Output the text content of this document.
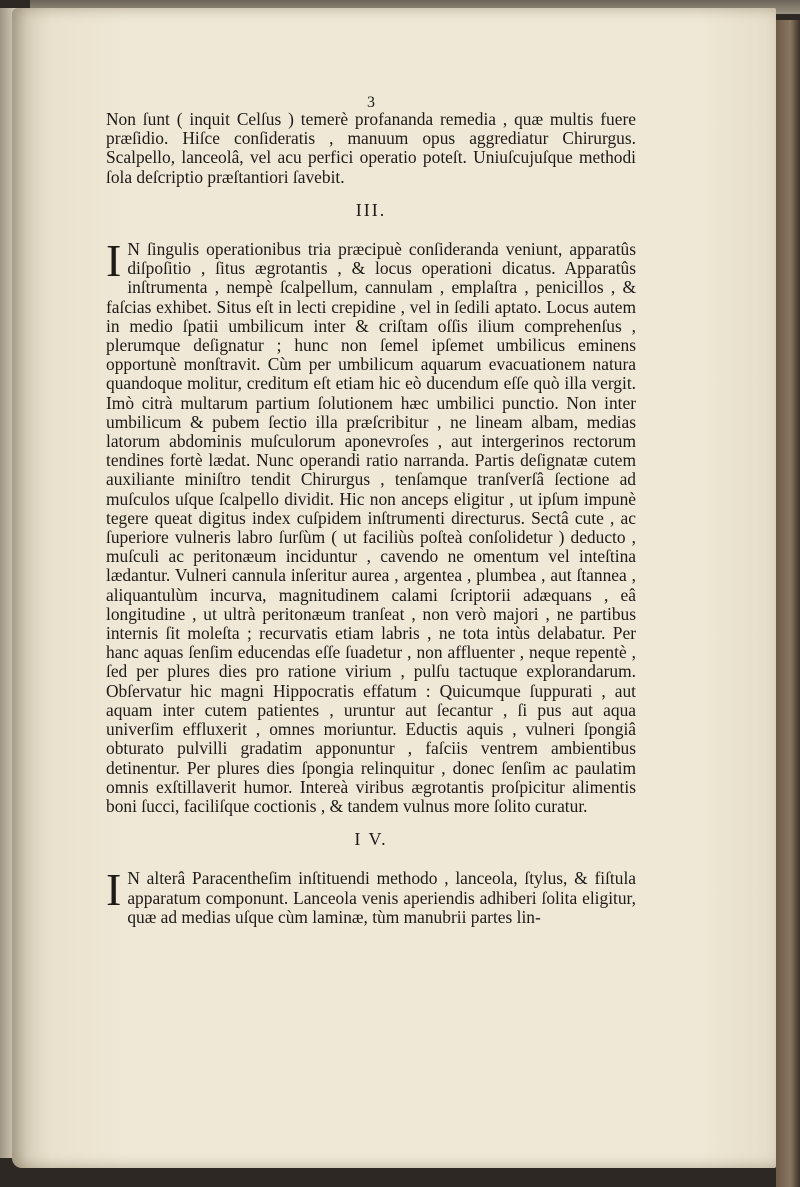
3

Non ſunt ( inquit Celſus ) temerè profananda remedia , quæ multis fuere præſidio. Hiſce conſideratis , manuum opus aggrediatur Chirurgus. Scalpello, lanceolâ, vel acu perfici operatio poteſt. Uniuſcujuſque methodi ſola deſcriptio præſtantiori ſavebit.

III.

I N ſingulis operationibus tria præcipuè conſideranda veniunt, apparatûs diſpoſitio , ſitus ægrotantis , & locus operationi dicatus. Apparatûs inſtrumenta , nempè ſcalpellum, cannulam , emplaſtra , penicillos , & faſcias exhibet. Situs eſt in lecti crepidine , vel in ſedili aptato. Locus autem in medio ſpatii umbilicum inter & criſtam oſſis ilium comprehenſus , plerumque deſignatur ; hunc non ſemel ipſemet umbilicus eminens opportunè monſtravit. Cùm per umbilicum aquarum evacuationem natura quandoque molitur, creditum eſt etiam hic eò ducendum eſſe quò illa vergit. Imò citrà multarum partium ſolutionem hæc umbilici punctio. Non inter umbilicum & pubem ſectio illa præſcribitur , ne lineam albam, medias latorum abdominis muſculorum aponevroſes , aut intergerinos rectorum tendines fortè lædat. Nunc operandi ratio narranda. Partis deſignatæ cutem auxiliante miniſtro tendit Chirurgus , tenſamque tranſverſâ ſectione ad muſculos uſque ſcalpello dividit. Hic non anceps eligitur , ut ipſum impunè tegere queat digitus index cuſpidem inſtrumenti directurus. Sectâ cute , ac ſuperiore vulneris labro ſurſùm ( ut faciliùs poſteà conſolidetur ) deducto , muſculi ac peritonæum inciduntur , cavendo ne omentum vel inteſtina lædantur. Vulneri cannula inſeritur aurea , argentea , plumbea , aut ſtannea , aliquantulùm incurva, magnitudinem calami ſcriptorii adæquans , eâ longitudine , ut ultrà peritonæum tranſeat , non verò majori , ne partibus internis ſit moleſta ; recurvatis etiam labris , ne tota intùs delabatur. Per hanc aquas ſenſim educendas eſſe ſuadetur , non affluenter , neque repentè , ſed per plures dies pro ratione virium , pulſu tactuque explorandarum. Obſervatur hic magni Hippocratis effatum : Quicumque ſuppurati , aut aquam inter cutem patientes , uruntur aut ſecantur , ſi pus aut aqua univerſim effluxerit , omnes moriuntur. Eductis aquis , vulneri ſpongiâ obturato pulvilli gradatim apponuntur , faſciis ventrem ambientibus detinentur. Per plures dies ſpongia relinquitur , donec ſenſim ac paulatim omnis exſtillaverit humor. Intereà viribus ægrotantis proſpicitur alimentis boni ſucci, faciliſque coctionis , & tandem vulnus more ſolito curatur.

I V.

I N alterâ Paracentheſim inſtituendi methodo , lanceola, ſtylus, & fiſtula apparatum componunt. Lanceola venis aperiendis adhiberi ſolita eligitur, quæ ad medias uſque cùm laminæ, tùm manubrii partes lin-
